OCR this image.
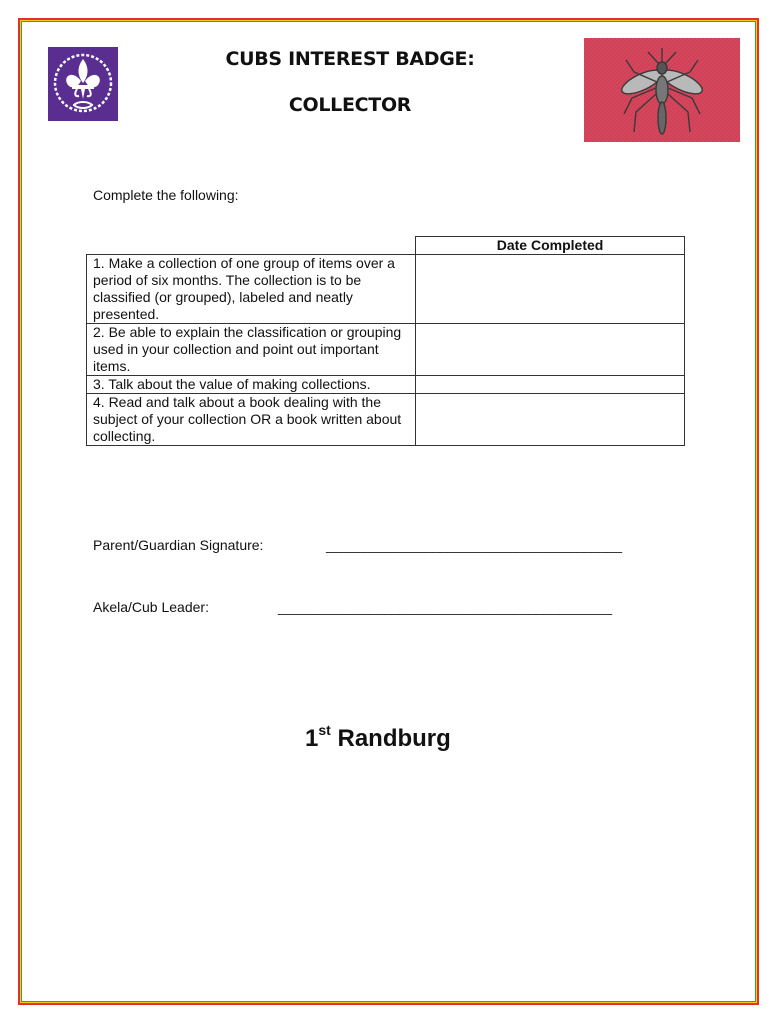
CUBS INTEREST BADGE:
COLLECTOR
Complete the following:
	Date Completed
1. Make a collection of one group of items over a period of six months. The collection is to be classified (or grouped), labeled and neatly presented.	
2. Be able to explain the classification or grouping used in your collection and point out important items.	
3. Talk about the value of making collections.	
4. Read and talk about a book dealing with the subject of your collection OR a book written about collecting.	
Parent/Guardian Signature:	_______________________________________
Akela/Cub Leader:	____________________________________________
1st Randburg
